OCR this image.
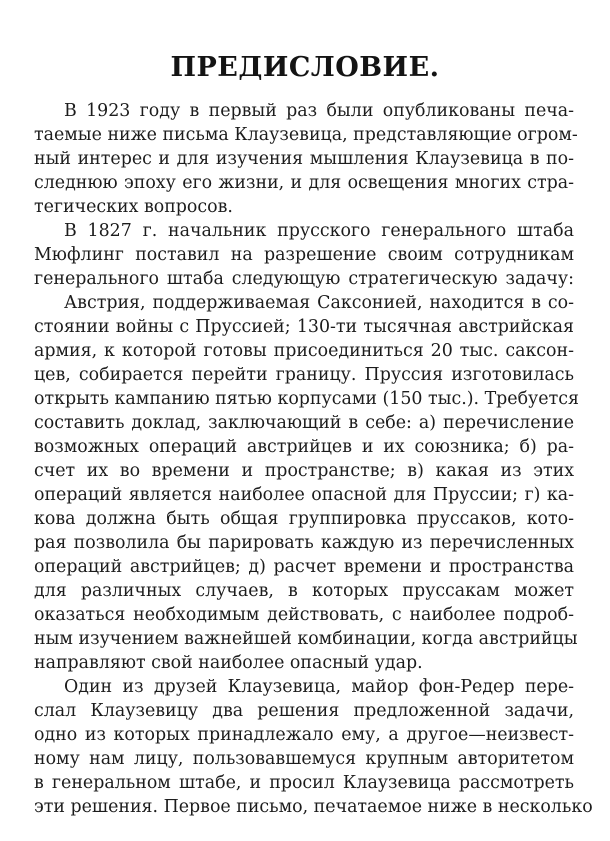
ПРЕДИСЛОВИЕ.
В 1923 году в первый раз были опубликованы печа-
таемые ниже письма Клаузевица, представляющие огром-
ный интерес и для изучения мышления Клаузевица в по-
следнюю эпоху его жизни, и для освещения многих стра-
тегических вопросов.
В 1827 г. начальник прусского генерального штаба
Мюфлинг поставил на разрешение своим сотрудникам
генерального штаба следующую стратегическую задачу:
Австрия, поддерживаемая Саксонией, находится в со-
стоянии войны с Пруссией; 130-ти тысячная австрийская
армия, к которой готовы присоединиться 20 тыс. саксон-
цев, собирается перейти границу. Пруссия изготовилась
открыть кампанию пятью корпусами (150 тыс.). Требуется
составить доклад, заключающий в себе: а) перечисление
возможных операций австрийцев и их союзника; б) ра-
счет их во времени и пространстве; в) какая из этих
операций является наиболее опасной для Пруссии; г) ка-
кова должна быть общая группировка пруссаков, кото-
рая позволила бы парировать каждую из перечисленных
операций австрийцев; д) расчет времени и пространства
для различных случаев, в которых пруссакам может
оказаться необходимым действовать, с наиболее подроб-
ным изучением важнейшей комбинации, когда австрийцы
направляют свой наиболее опасный удар.
Один из друзей Клаузевица, майор фон-Редер пере-
слал Клаузевицу два решения предложенной задачи,
одно из которых принадлежало ему, а другое—неизвест-
ному нам лицу, пользовавшемуся крупным авторитетом
в генеральном штабе, и просил Клаузевица рассмотреть
эти решения. Первое письмо, печатаемое ниже в несколько
